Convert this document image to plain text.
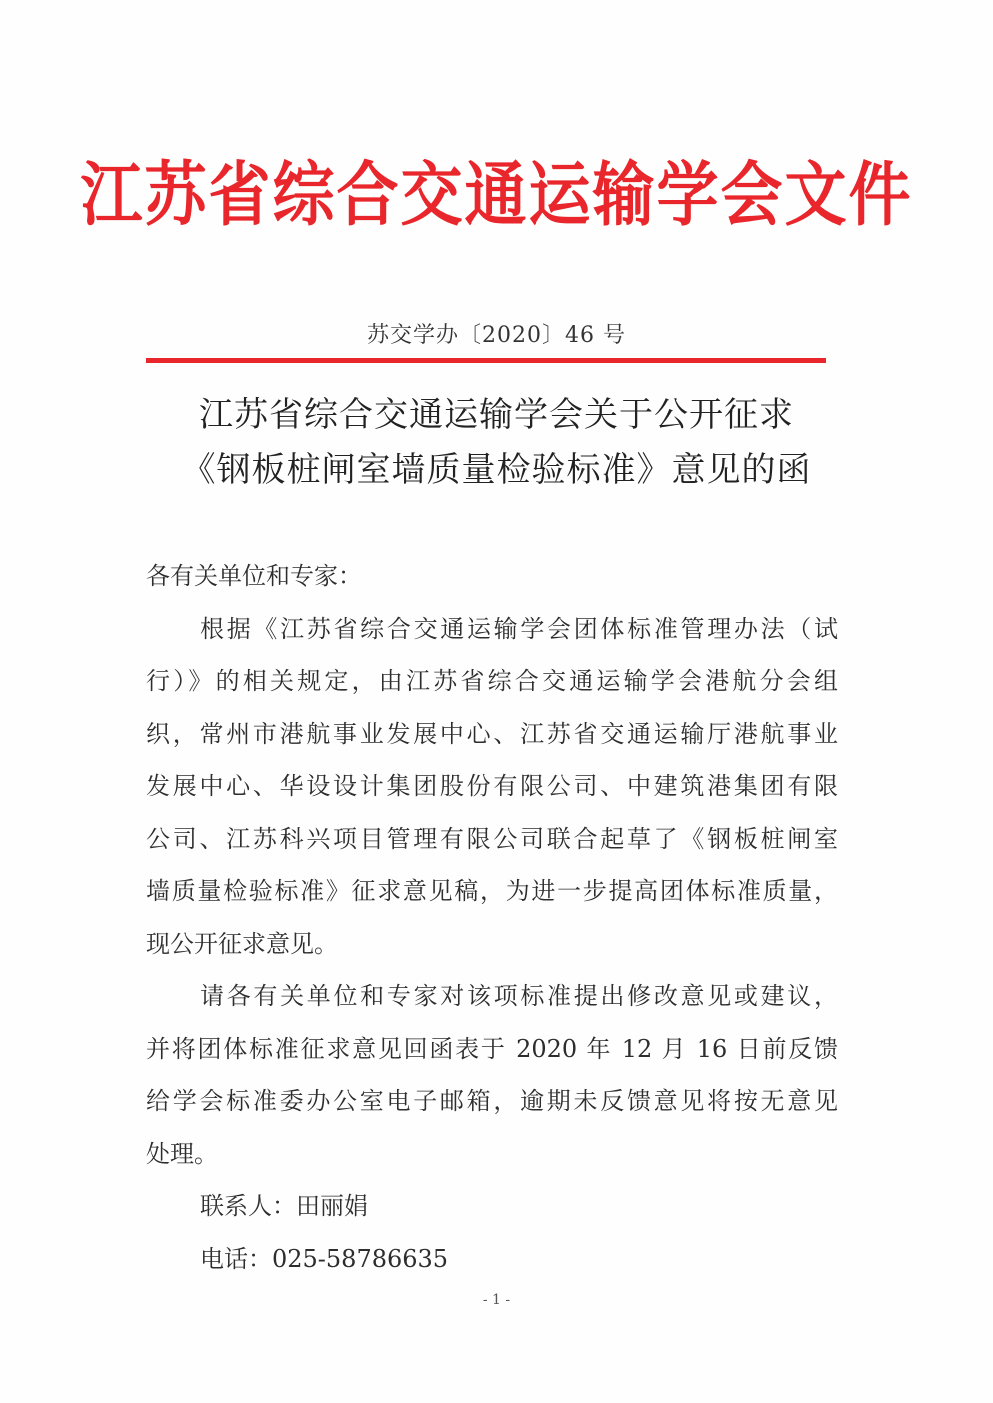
江苏省综合交通运输学会文件
苏交学办〔2020〕46 号
江苏省综合交通运输学会关于公开征求
《钢板桩闸室墙质量检验标准》意见的函
各有关单位和专家：
根据《江苏省综合交通运输学会团体标准管理办法（试
行）》的相关规定，由江苏省综合交通运输学会港航分会组
织，常州市港航事业发展中心、江苏省交通运输厅港航事业
发展中心、华设设计集团股份有限公司、中建筑港集团有限
公司、江苏科兴项目管理有限公司联合起草了《钢板桩闸室
墙质量检验标准》征求意见稿，为进一步提高团体标准质量，
现公开征求意见。
请各有关单位和专家对该项标准提出修改意见或建议，
并将团体标准征求意见回函表于 2020 年 12 月 16 日前反馈
给学会标准委办公室电子邮箱，逾期未反馈意见将按无意见
处理。
联系人：田丽娟
电话：025-58786635
- 1 -
